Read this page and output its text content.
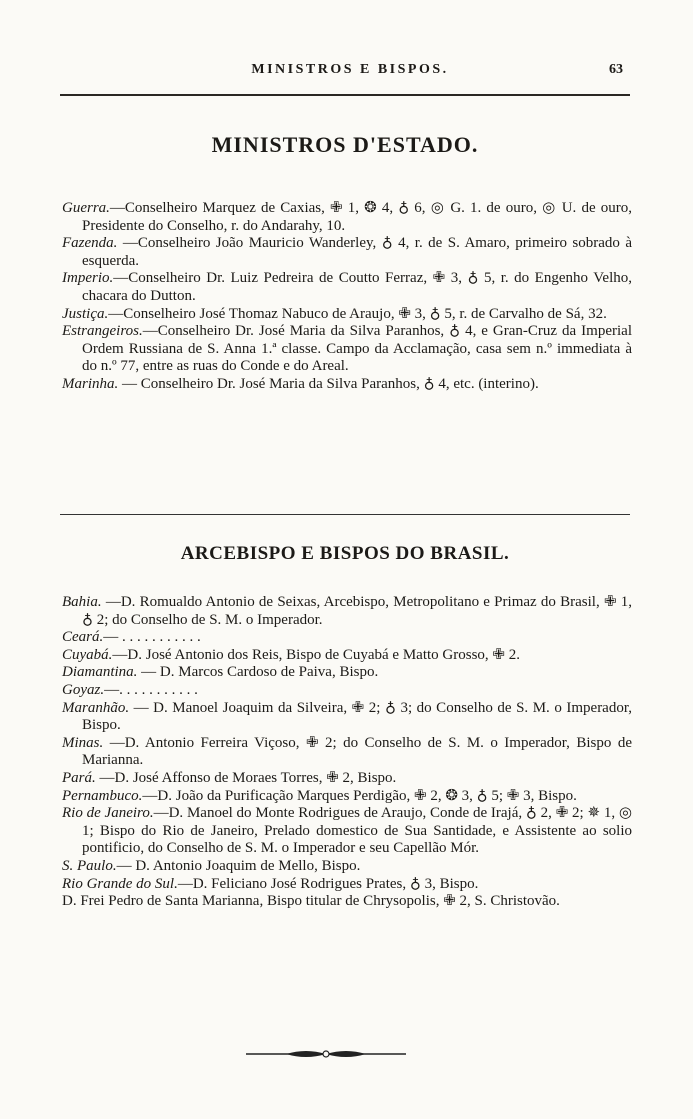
MINISTROS E BISPOS.	63
MINISTROS D'ESTADO.
Guerra.—Conselheiro Marquez de Caxias, ✙ 1, ❂ 4, ♁ 6, ◎ G. 1. de ouro, ◎ U. de ouro, Presidente do Conselho, r. do Andarahy, 10.
Fazenda. —Conselheiro João Mauricio Wanderley, ♁ 4, r. de S. Amaro, primeiro sobrado à esquerda.
Imperio.—Conselheiro Dr. Luiz Pedreira de Coutto Ferraz, ✙ 3, ♁ 5, r. do Engenho Velho, chacara do Dutton.
Justiça.—Conselheiro José Thomaz Nabuco de Araujo, ✙ 3, ♁ 5, r. de Carvalho de Sá, 32.
Estrangeiros.—Conselheiro Dr. José Maria da Silva Paranhos, ♁ 4, e Gran-Cruz da Imperial Ordem Russiana de S. Anna 1.ª classe. Campo da Acclamação, casa sem n.º immediata à do n.º 77, entre as ruas do Conde e do Areal.
Marinha. — Conselheiro Dr. José Maria da Silva Paranhos, ♁ 4, etc. (interino).
ARCEBISPO E BISPOS DO BRASIL.
Bahia. —D. Romualdo Antonio de Seixas, Arcebispo, Metropolitano e Primaz do Brasil, ✙ 1, ♁ 2; do Conselho de S. M. o Imperador.
Ceará.— . . . . . . . . . . .
Cuyabá.—D. José Antonio dos Reis, Bispo de Cuyabá e Matto Grosso, ✙ 2.
Diamantina. — D. Marcos Cardoso de Paiva, Bispo.
Goyaz.—. . . . . . . . . . .
Maranhão. — D. Manoel Joaquim da Silveira, ✙ 2; ♁ 3; do Conselho de S. M. o Imperador, Bispo.
Minas. —D. Antonio Ferreira Viçoso, ✙ 2; do Conselho de S. M. o Imperador, Bispo de Marianna.
Pará. —D. José Affonso de Moraes Torres, ✙ 2, Bispo.
Pernambuco.—D. João da Purificação Marques Perdigão, ✙ 2, ❂ 3, ♁ 5; ✙ 3, Bispo.
Rio de Janeiro.—D. Manoel do Monte Rodrigues de Araujo, Conde de Irajá, ♁ 2, ✙ 2; ✵ 1, ◎ 1; Bispo do Rio de Janeiro, Prelado domestico de Sua Santidade, e Assistente ao solio pontificio, do Conselho de S. M. o Imperador e seu Capellão Mór.
S. Paulo.— D. Antonio Joaquim de Mello, Bispo.
Rio Grande do Sul.—D. Feliciano José Rodrigues Prates, ♁ 3, Bispo.
D. Frei Pedro de Santa Marianna, Bispo titular de Chrysopolis, ✙ 2, S. Christovão.
